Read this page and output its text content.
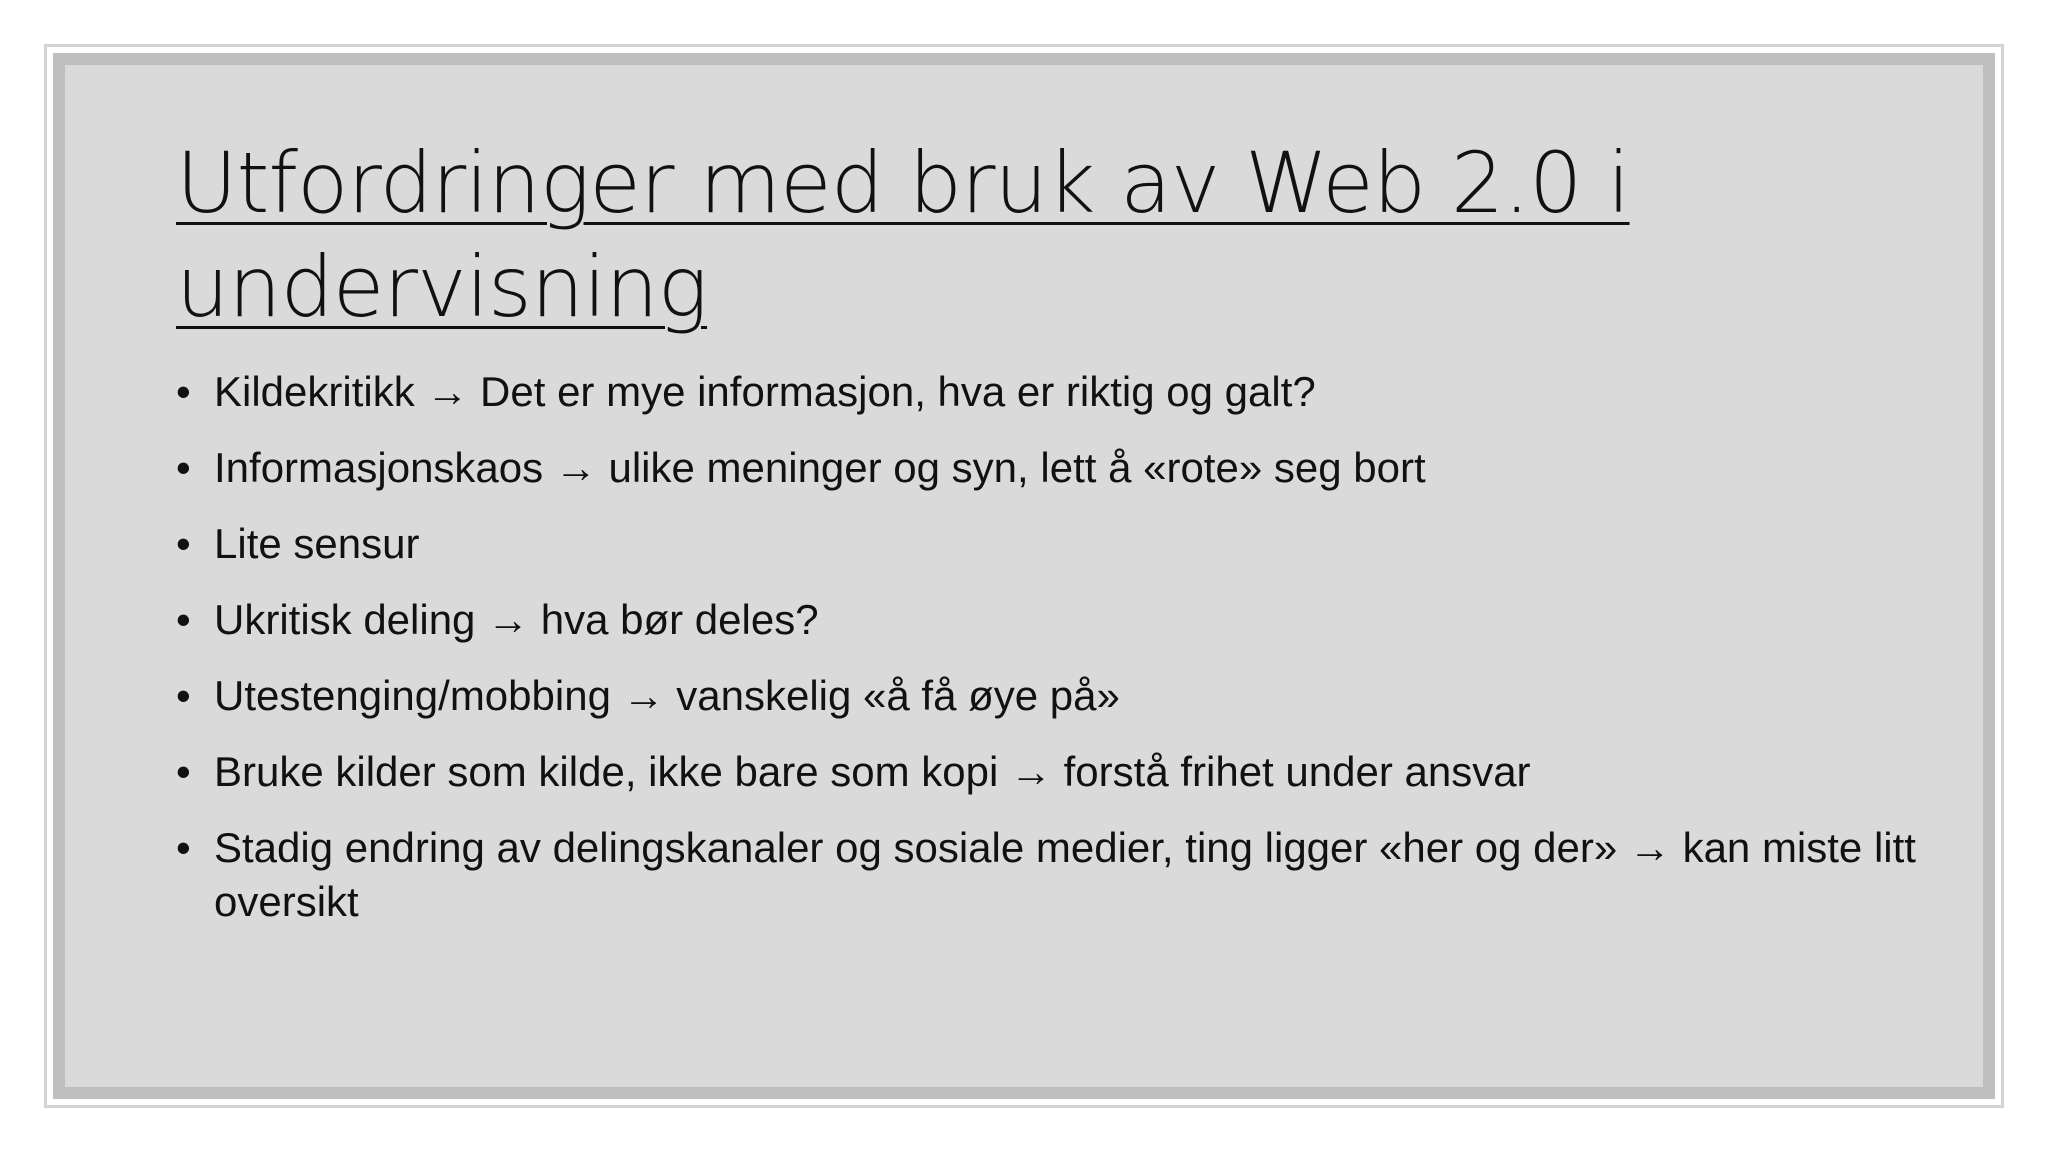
Utfordringer med bruk av Web 2.0 i undervisning
• Kildekritikk → Det er mye informasjon, hva er riktig og galt?
• Informasjonskaos → ulike meninger og syn, lett å «rote» seg bort
• Lite sensur
• Ukritisk deling → hva bør deles?
• Utestenging/mobbing → vanskelig «å få øye på»
• Bruke kilder som kilde, ikke bare som kopi → forstå frihet under ansvar
• Stadig endring av delingskanaler og sosiale medier, ting ligger «her og der» → kan miste litt oversikt
